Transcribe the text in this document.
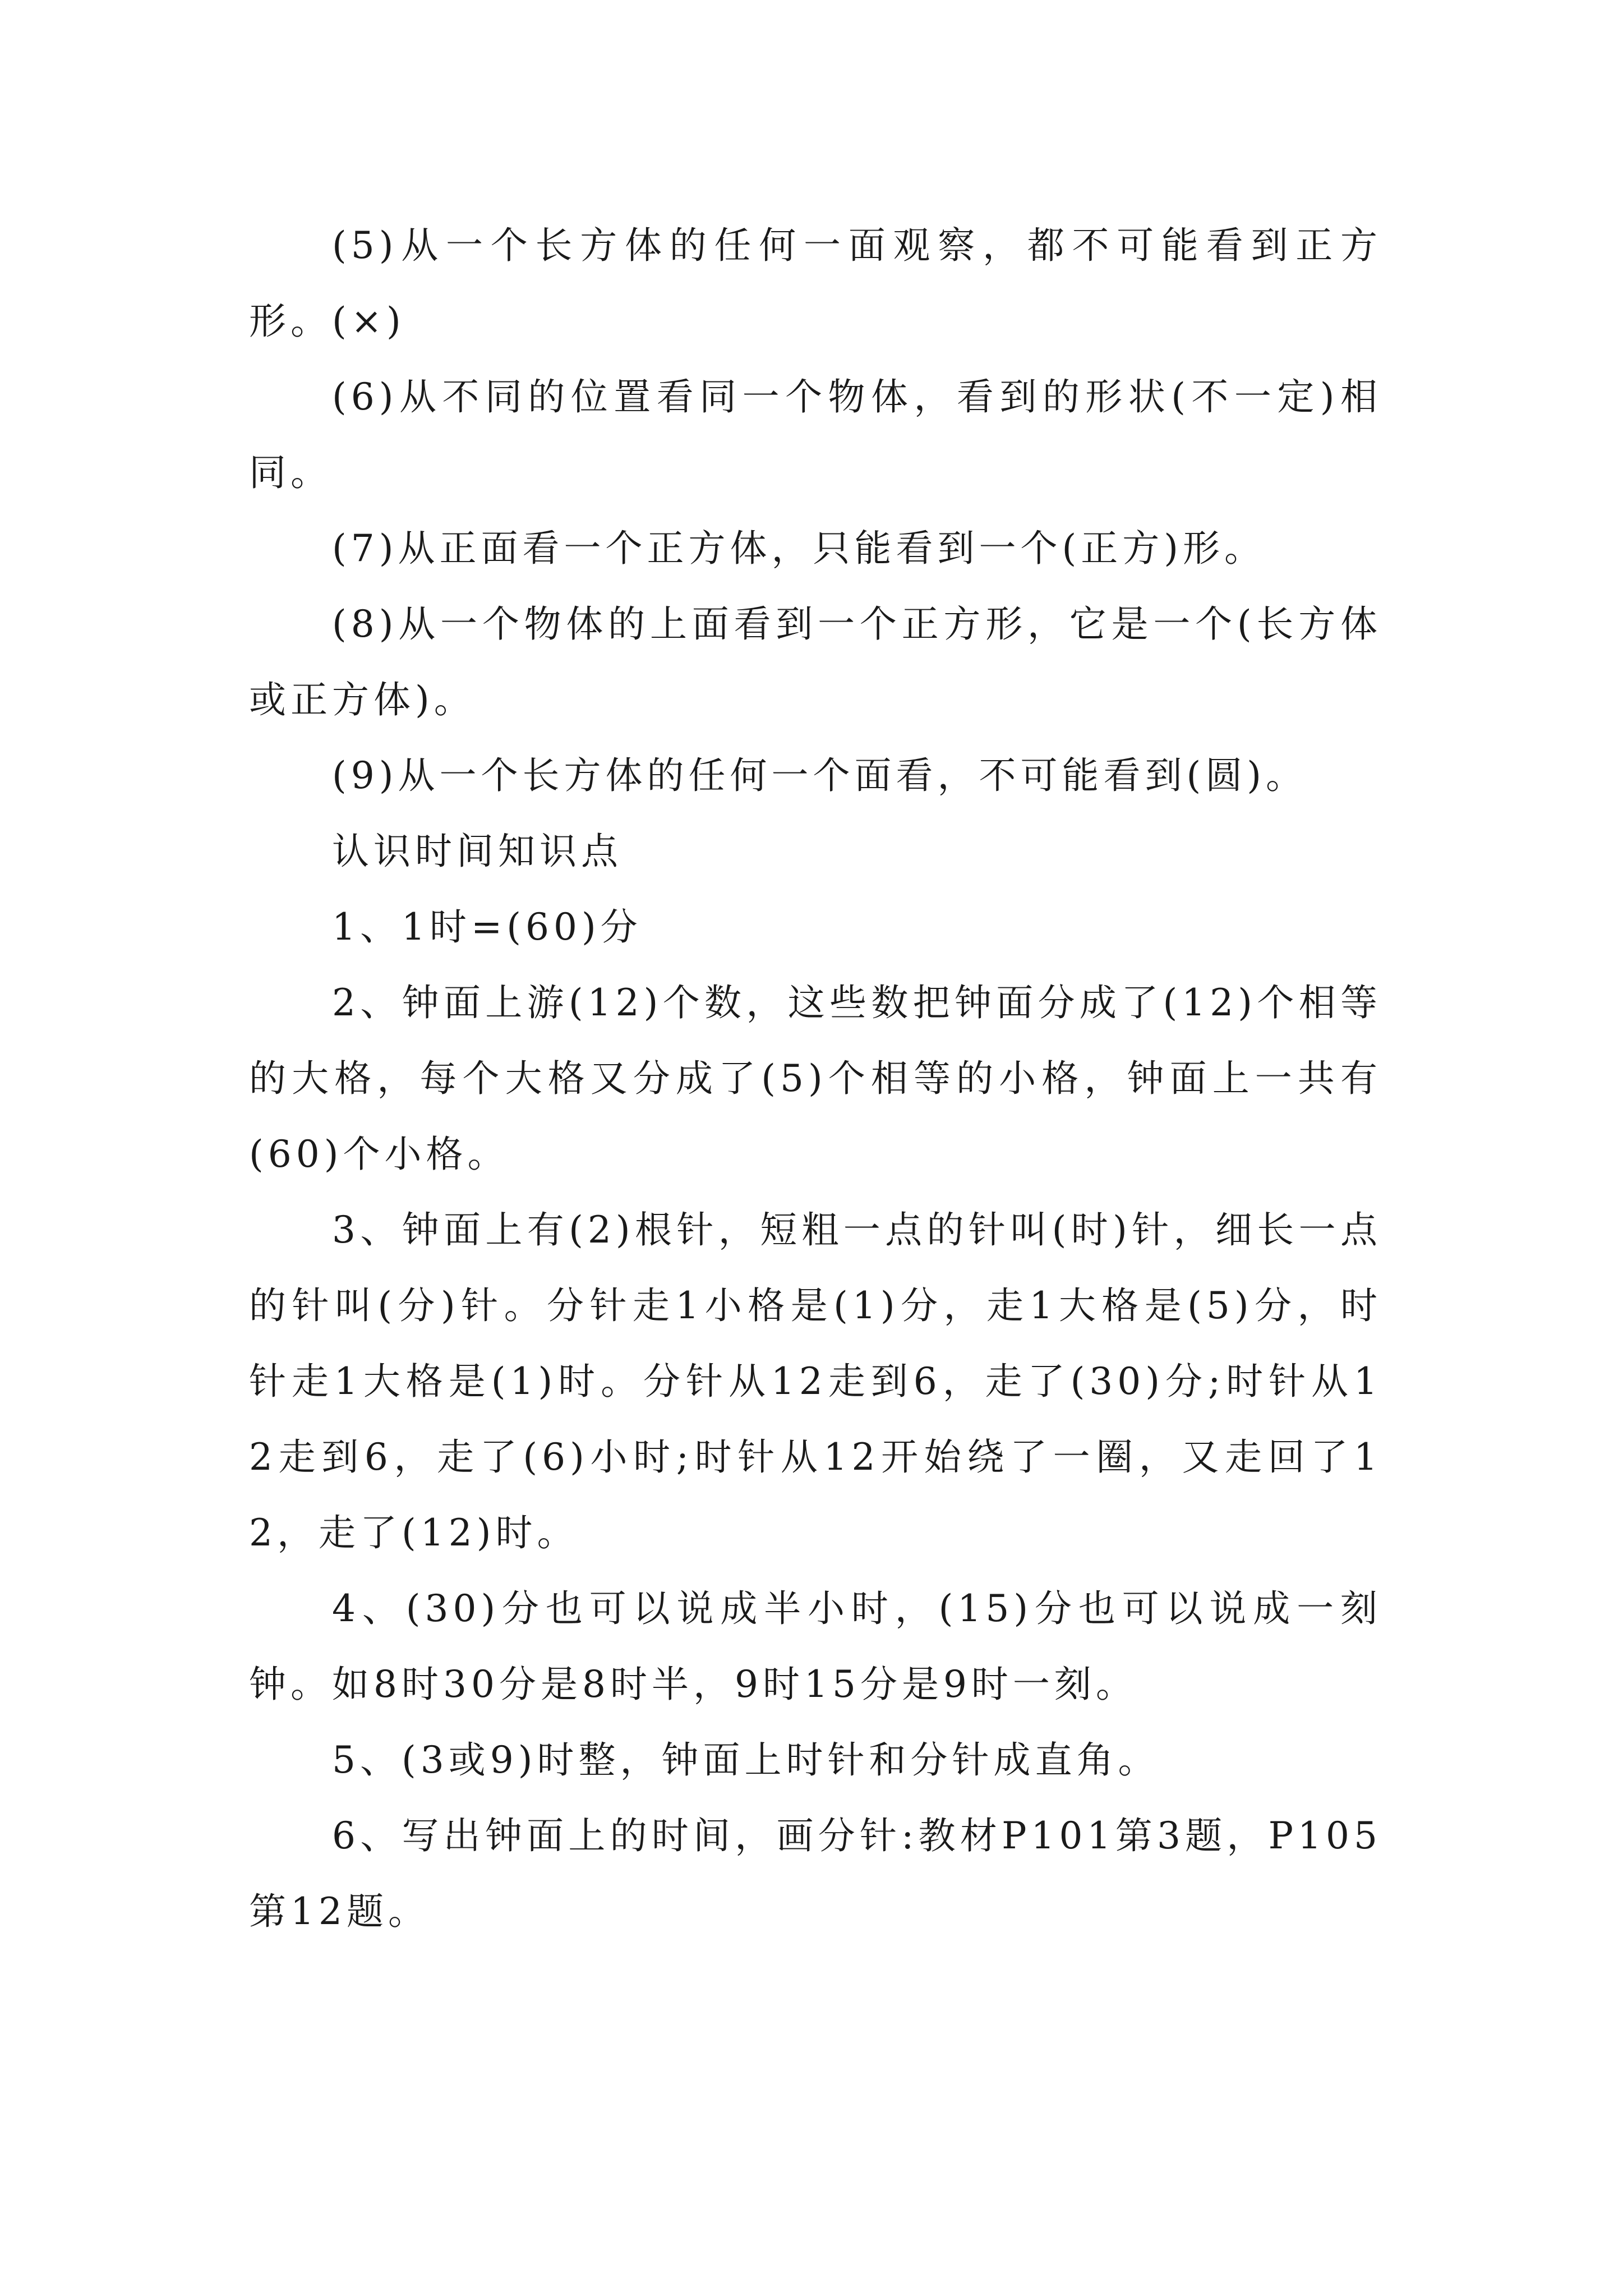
(5)从一个长方体的任何一面观察，都不可能看到正方形。(×)

(6)从不同的位置看同一个物体，看到的形状(不一定)相同。

(7)从正面看一个正方体，只能看到一个(正方)形。

(8)从一个物体的上面看到一个正方形，它是一个(长方体或正方体)。

(9)从一个长方体的任何一个面看，不可能看到(圆)。

认识时间知识点

1、1时=(60)分

2、钟面上游(12)个数，这些数把钟面分成了(12)个相等的大格，每个大格又分成了(5)个相等的小格，钟面上一共有(60)个小格。

3、钟面上有(2)根针，短粗一点的针叫(时)针，细长一点的针叫(分)针。分针走1小格是(1)分，走1大格是(5)分，时针走1大格是(1)时。分针从12走到6，走了(30)分;时针从12走到6，走了(6)小时;时针从12开始绕了一圈，又走回了12，走了(12)时。

4、(30)分也可以说成半小时，(15)分也可以说成一刻钟。如8时30分是8时半，9时15分是9时一刻。

5、(3或9)时整，钟面上时针和分针成直角。

6、写出钟面上的时间，画分针:教材P101第3题，P105第12题。
